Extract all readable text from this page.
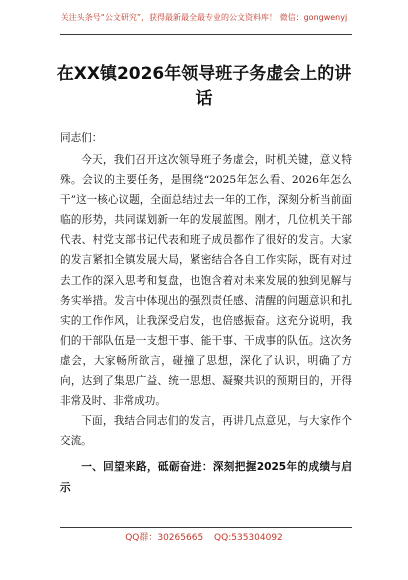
关注头条号“公文研究”，获得最新最全最专业的公文资料库！ 微信：gongwenyj
在XX镇2026年领导班子务虚会上的讲话

同志们：

今天，我们召开这次领导班子务虚会，时机关键，意义特殊。会议的主要任务，是围绕“2025年怎么看、2026年怎么干”这一核心议题，全面总结过去一年的工作，深刻分析当前面临的形势，共同谋划新一年的发展蓝图。刚才，几位机关干部代表、村党支部书记代表和班子成员都作了很好的发言。大家的发言紧扣全镇发展大局，紧密结合各自工作实际，既有对过去工作的深入思考和复盘，也饱含着对未来发展的独到见解与务实举措。发言中体现出的强烈责任感、清醒的问题意识和扎实的工作作风，让我深受启发，也倍感振奋。这充分说明，我们的干部队伍是一支想干事、能干事、干成事的队伍。这次务虚会，大家畅所欲言，碰撞了思想，深化了认识，明确了方向，达到了集思广益、统一思想、凝聚共识的预期目的，开得非常及时、非常成功。

下面，我结合同志们的发言，再讲几点意见，与大家作个交流。

一、回望来路，砥砺奋进：深刻把握2025年的成绩与启示

QQ群：30265665 QQ:535304092
